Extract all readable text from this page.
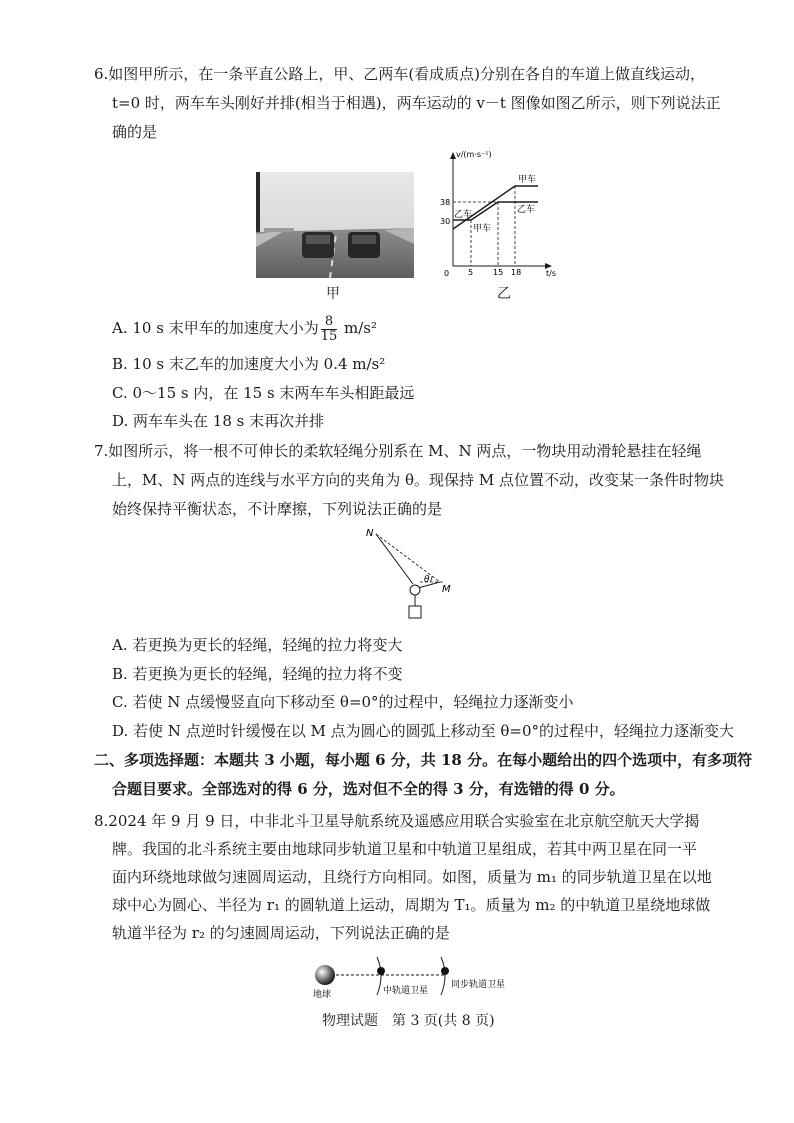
6.如图甲所示，在一条平直公路上，甲、乙两车(看成质点)分别在各自的车道上做直线运动，
t=0 时，两车车头刚好并排(相当于相遇)，两车运动的 v－t 图像如图乙所示，则下列说法正
确的是
甲
v/(m·s⁻¹)
t/s
0
38
30
5 15 18
甲车
乙车
乙车
甲车
乙
A. 10 s 末甲车的加速度大小为 $\frac{8}{15} m/s^2$
B. 10 s 末乙车的加速度大小为 0.4 m/s²
C. 0～15 s 内，在 15 s 末两车车头相距最远
D. 两车车头在 18 s 末再次并排
7.如图所示，将一根不可伸长的柔软轻绳分别系在 M、N 两点，一物块用动滑轮悬挂在轻绳
上，M、N 两点的连线与水平方向的夹角为 θ。现保持 M 点位置不动，改变某一条件时物块
始终保持平衡状态，不计摩擦，下列说法正确的是
N
M
θ
A. 若更换为更长的轻绳，轻绳的拉力将变大
B. 若更换为更长的轻绳，轻绳的拉力将不变
C. 若使 N 点缓慢竖直向下移动至 θ=0°的过程中，轻绳拉力逐渐变小
D. 若使 N 点逆时针缓慢在以 M 点为圆心的圆弧上移动至 θ=0°的过程中，轻绳拉力逐渐变大
二、多项选择题：本题共 3 小题，每小题 6 分，共 18 分。在每小题给出的四个选项中，有多项符
合题目要求。全部选对的得 6 分，选对但不全的得 3 分，有选错的得 0 分。
8.2024 年 9 月 9 日，中非北斗卫星导航系统及遥感应用联合实验室在北京航空航天大学揭
牌。我国的北斗系统主要由地球同步轨道卫星和中轨道卫星组成，若其中两卫星在同一平
面内环绕地球做匀速圆周运动，且绕行方向相同。如图，质量为 m₁ 的同步轨道卫星在以地
球中心为圆心、半径为 r₁ 的圆轨道上运动，周期为 T₁。质量为 m₂ 的中轨道卫星绕地球做
轨道半径为 r₂ 的匀速圆周运动，下列说法正确的是
地球	中轨道卫星
同步轨道卫星
物理试题　第 3 页(共 8 页)
